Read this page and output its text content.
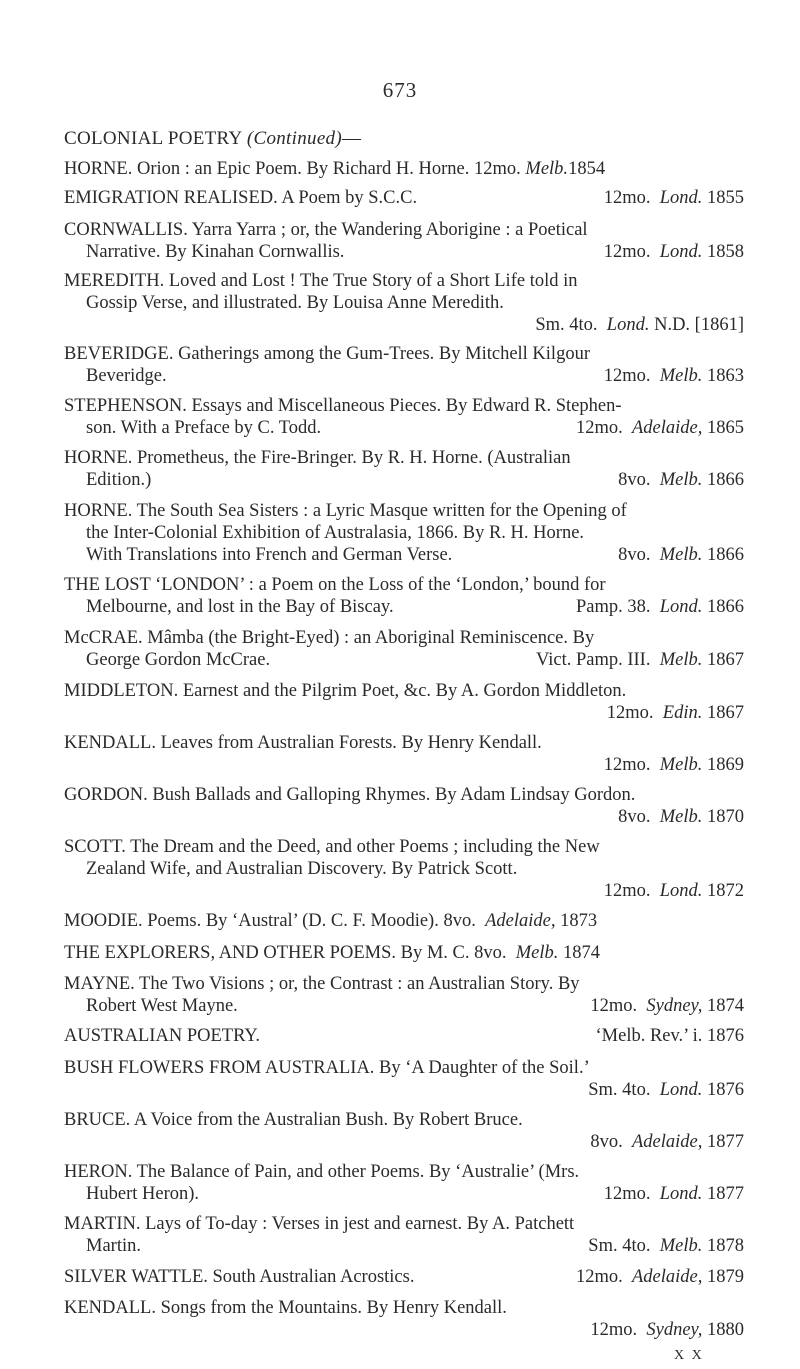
673
COLONIAL POETRY (Continued)—
HORNE. Orion : an Epic Poem. By Richard H. Horne. 12mo. Melb.1854
EMIGRATION REALISED. A Poem by S.C.C.	12mo. Lond. 1855
CORNWALLIS. Yarra Yarra ; or, the Wandering Aborigine : a Poetical
Narrative. By Kinahan Cornwallis.	12mo. Lond. 1858
MEREDITH. Loved and Lost ! The True Story of a Short Life told in
Gossip Verse, and illustrated. By Louisa Anne Meredith.
Sm. 4to. Lond. N.D. [1861]
BEVERIDGE. Gatherings among the Gum-Trees. By Mitchell Kilgour
Beveridge.	12mo. Melb. 1863
STEPHENSON. Essays and Miscellaneous Pieces. By Edward R. Stephen-
son. With a Preface by C. Todd.	12mo. Adelaide, 1865
HORNE. Prometheus, the Fire-Bringer. By R. H. Horne. (Australian
Edition.)	8vo. Melb. 1866
HORNE. The South Sea Sisters : a Lyric Masque written for the Opening of
the Inter-Colonial Exhibition of Australasia, 1866. By R. H. Horne.
With Translations into French and German Verse.	8vo. Melb. 1866
THE LOST ‘LONDON’ : a Poem on the Loss of the ‘London,’ bound for
Melbourne, and lost in the Bay of Biscay.	Pamp. 38. Lond. 1866
McCRAE. Mâmba (the Bright-Eyed) : an Aboriginal Reminiscence. By
George Gordon McCrae.	Vict. Pamp. III. Melb. 1867
MIDDLETON. Earnest and the Pilgrim Poet, &c. By A. Gordon Middleton.
12mo. Edin. 1867
KENDALL. Leaves from Australian Forests. By Henry Kendall.
12mo. Melb. 1869
GORDON. Bush Ballads and Galloping Rhymes. By Adam Lindsay Gordon.
8vo. Melb. 1870
SCOTT. The Dream and the Deed, and other Poems ; including the New
Zealand Wife, and Australian Discovery. By Patrick Scott.
12mo. Lond. 1872
MOODIE. Poems. By ‘Austral’ (D. C. F. Moodie). 8vo. Adelaide, 1873
THE EXPLORERS, AND OTHER POEMS. By M. C. 8vo. Melb. 1874
MAYNE. The Two Visions ; or, the Contrast : an Australian Story. By
Robert West Mayne.	12mo. Sydney, 1874
AUSTRALIAN POETRY.	‘Melb. Rev.’ i. 1876
BUSH FLOWERS FROM AUSTRALIA. By ‘A Daughter of the Soil.’
Sm. 4to. Lond. 1876
BRUCE. A Voice from the Australian Bush. By Robert Bruce.
8vo. Adelaide, 1877
HERON. The Balance of Pain, and other Poems. By ‘Australie’ (Mrs.
Hubert Heron).	12mo. Lond. 1877
MARTIN. Lays of To-day : Verses in jest and earnest. By A. Patchett
Martin.	Sm. 4to. Melb. 1878
SILVER WATTLE. South Australian Acrostics.	12mo. Adelaide, 1879
KENDALL. Songs from the Mountains. By Henry Kendall.
12mo. Sydney, 1880
X X
